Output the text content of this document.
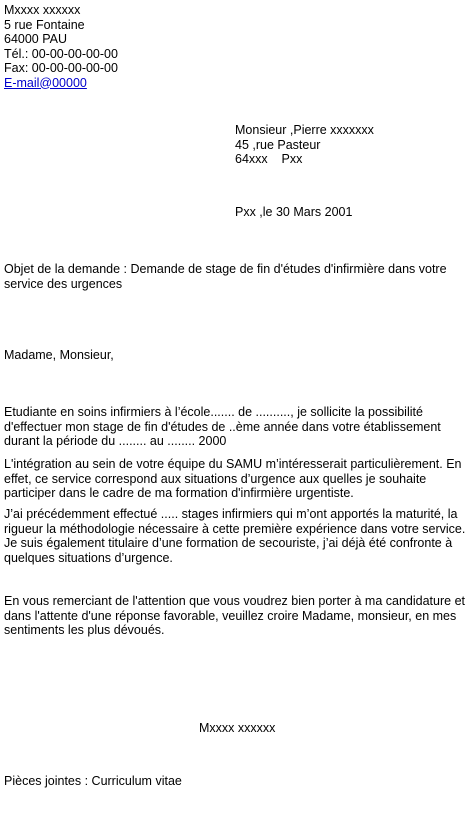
Mxxxx xxxxxx
5 rue Fontaine
64000 PAU
Tél.: 00-00-00-00-00
Fax: 00-00-00-00-00
E-mail@00000
Monsieur ,Pierre xxxxxxx
45 ,rue Pasteur
64xxx    Pxx
Pxx ,le 30 Mars 2001
Objet de la demande : Demande de stage de fin d'études d'infirmière dans votre
service des urgences
Madame, Monsieur,
Etudiante en soins infirmiers à l’école....... de .........., je sollicite la possibilité
d'effectuer mon stage de fin d'études de ..ème année dans votre établissement
durant la période du ........ au ........ 2000
L'intégration au sein de votre équipe du SAMU m’intéresserait particulièrement. En
effet, ce service correspond aux situations d’urgence aux quelles je souhaite
participer dans le cadre de ma formation d'infirmière urgentiste.
J’ai précédemment effectué ..... stages infirmiers qui m’ont apportés la maturité, la
rigueur la méthodologie nécessaire à cette première expérience dans votre service.
Je suis également titulaire d’une formation de secouriste, j’ai déjà été confronte à
quelques situations d’urgence.
En vous remerciant de l'attention que vous voudrez bien porter à ma candidature et
dans l'attente d'une réponse favorable, veuillez croire Madame, monsieur, en mes
sentiments les plus dévoués.
Mxxxx xxxxxx
Pièces jointes : Curriculum vitae
